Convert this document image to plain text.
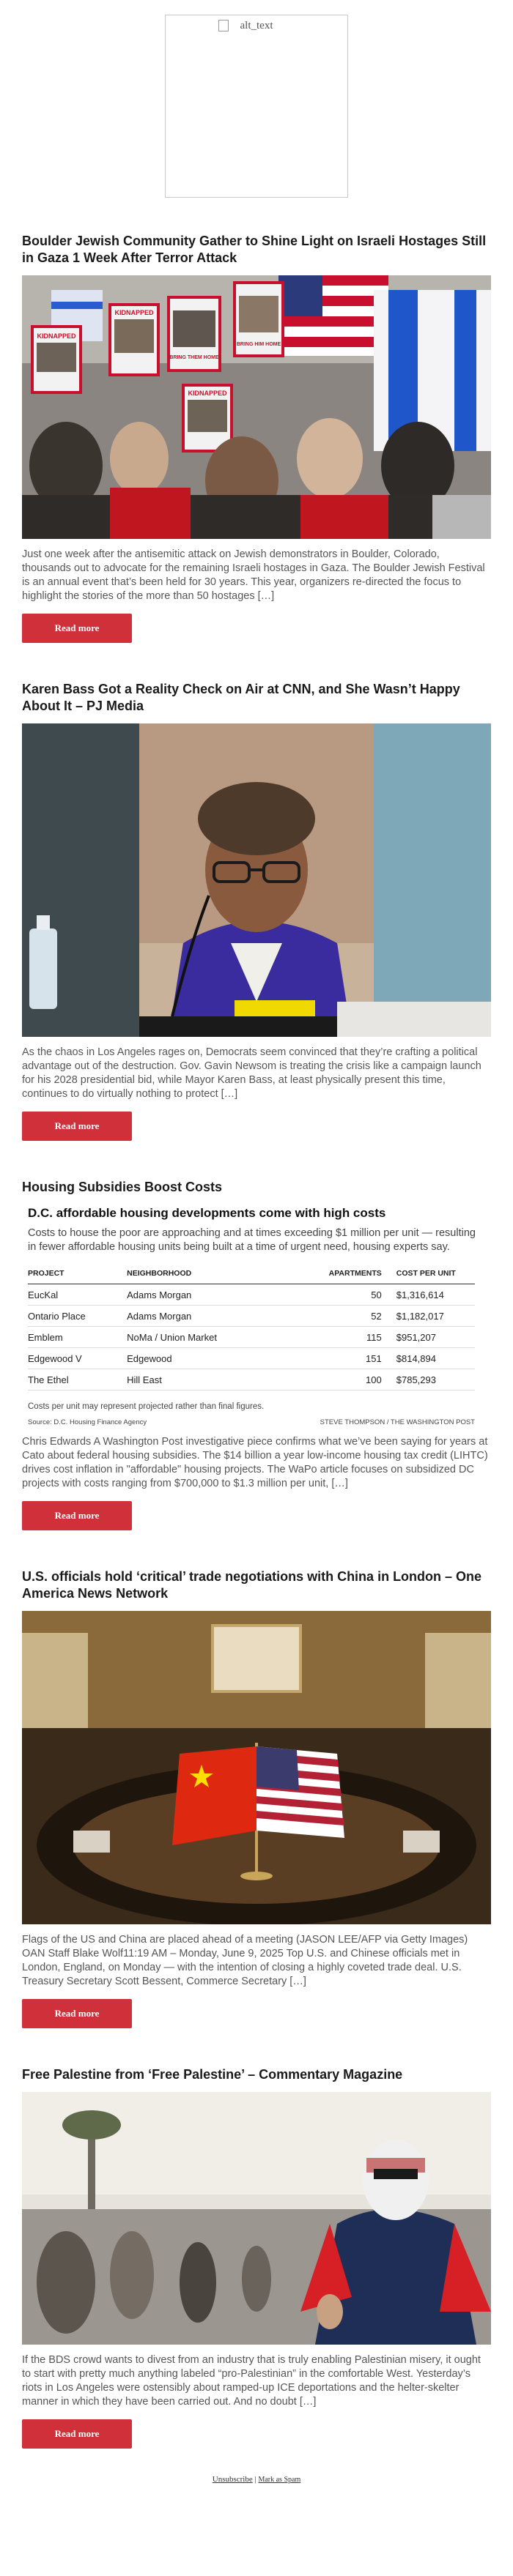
alt_text
Boulder Jewish Community Gather to Shine Light on Israeli Hostages Still in Gaza 1 Week After Terror Attack
KIDNAPPED
KIDNAPPED
BRING THEM HOME
BRING HIM HOME
KIDNAPPED
Just one week after the antisemitic attack on Jewish demonstrators in Boulder, Colorado, thousands out to advocate for the remaining Israeli hostages in Gaza. The Boulder Jewish Festival is an annual event that’s been held for 30 years. This year, organizers re-directed the focus to highlight the stories of the more than 50 hostages […]
Read more
Karen Bass Got a Reality Check on Air at CNN, and She Wasn’t Happy About It – PJ Media
As the chaos in Los Angeles rages on, Democrats seem convinced that they’re crafting a political advantage out of the destruction. Gov. Gavin Newsom is treating the crisis like a campaign launch for his 2028 presidential bid, while Mayor Karen Bass, at least physically present this time, continues to do virtually nothing to protect […]
Read more
Housing Subsidies Boost Costs
D.C. affordable housing developments come with high costs
Costs to house the poor are approaching and at times exceeding $1 million per unit — resulting in fewer affordable housing units being built at a time of urgent need, housing experts say.
PROJECT	NEIGHBORHOOD	APARTMENTS	COST PER UNIT
EucKal	Adams Morgan	50	$1,316,614
Ontario Place	Adams Morgan	52	$1,182,017
Emblem	NoMa / Union Market	115	$951,207
Edgewood V	Edgewood	151	$814,894
The Ethel	Hill East	100	$785,293
Costs per unit may represent projected rather than final figures.
Source: D.C. Housing Finance Agency	STEVE THOMPSON / THE WASHINGTON POST
Chris Edwards A Washington Post investigative piece confirms what we’ve been saying for years at Cato about federal housing subsidies. The $14 billion a year low-income housing tax credit (LIHTC) drives cost inflation in "affordable" housing projects. The WaPo article focuses on subsidized DC projects with costs ranging from $700,000 to $1.3 million per unit, […]
Read more
U.S. officials hold ‘critical’ trade negotiations with China in London – One America News Network
Flags of the US and China are placed ahead of a meeting (JASON LEE/AFP via Getty Images) OAN Staff Blake Wolf11:19 AM – Monday, June 9, 2025 Top U.S. and Chinese officials met in London, England, on Monday — with the intention of closing a highly coveted trade deal. U.S. Treasury Secretary Scott Bessent, Commerce Secretary […]
Read more
Free Palestine from ‘Free Palestine’ – Commentary Magazine
If the BDS crowd wants to divest from an industry that is truly enabling Palestinian misery, it ought to start with pretty much anything labeled “pro-Palestinian” in the comfortable West. Yesterday’s riots in Los Angeles were ostensibly about ramped-up ICE deportations and the helter-skelter manner in which they have been carried out. And no doubt […]
Read more
Unsubscribe | Mark as Spam
